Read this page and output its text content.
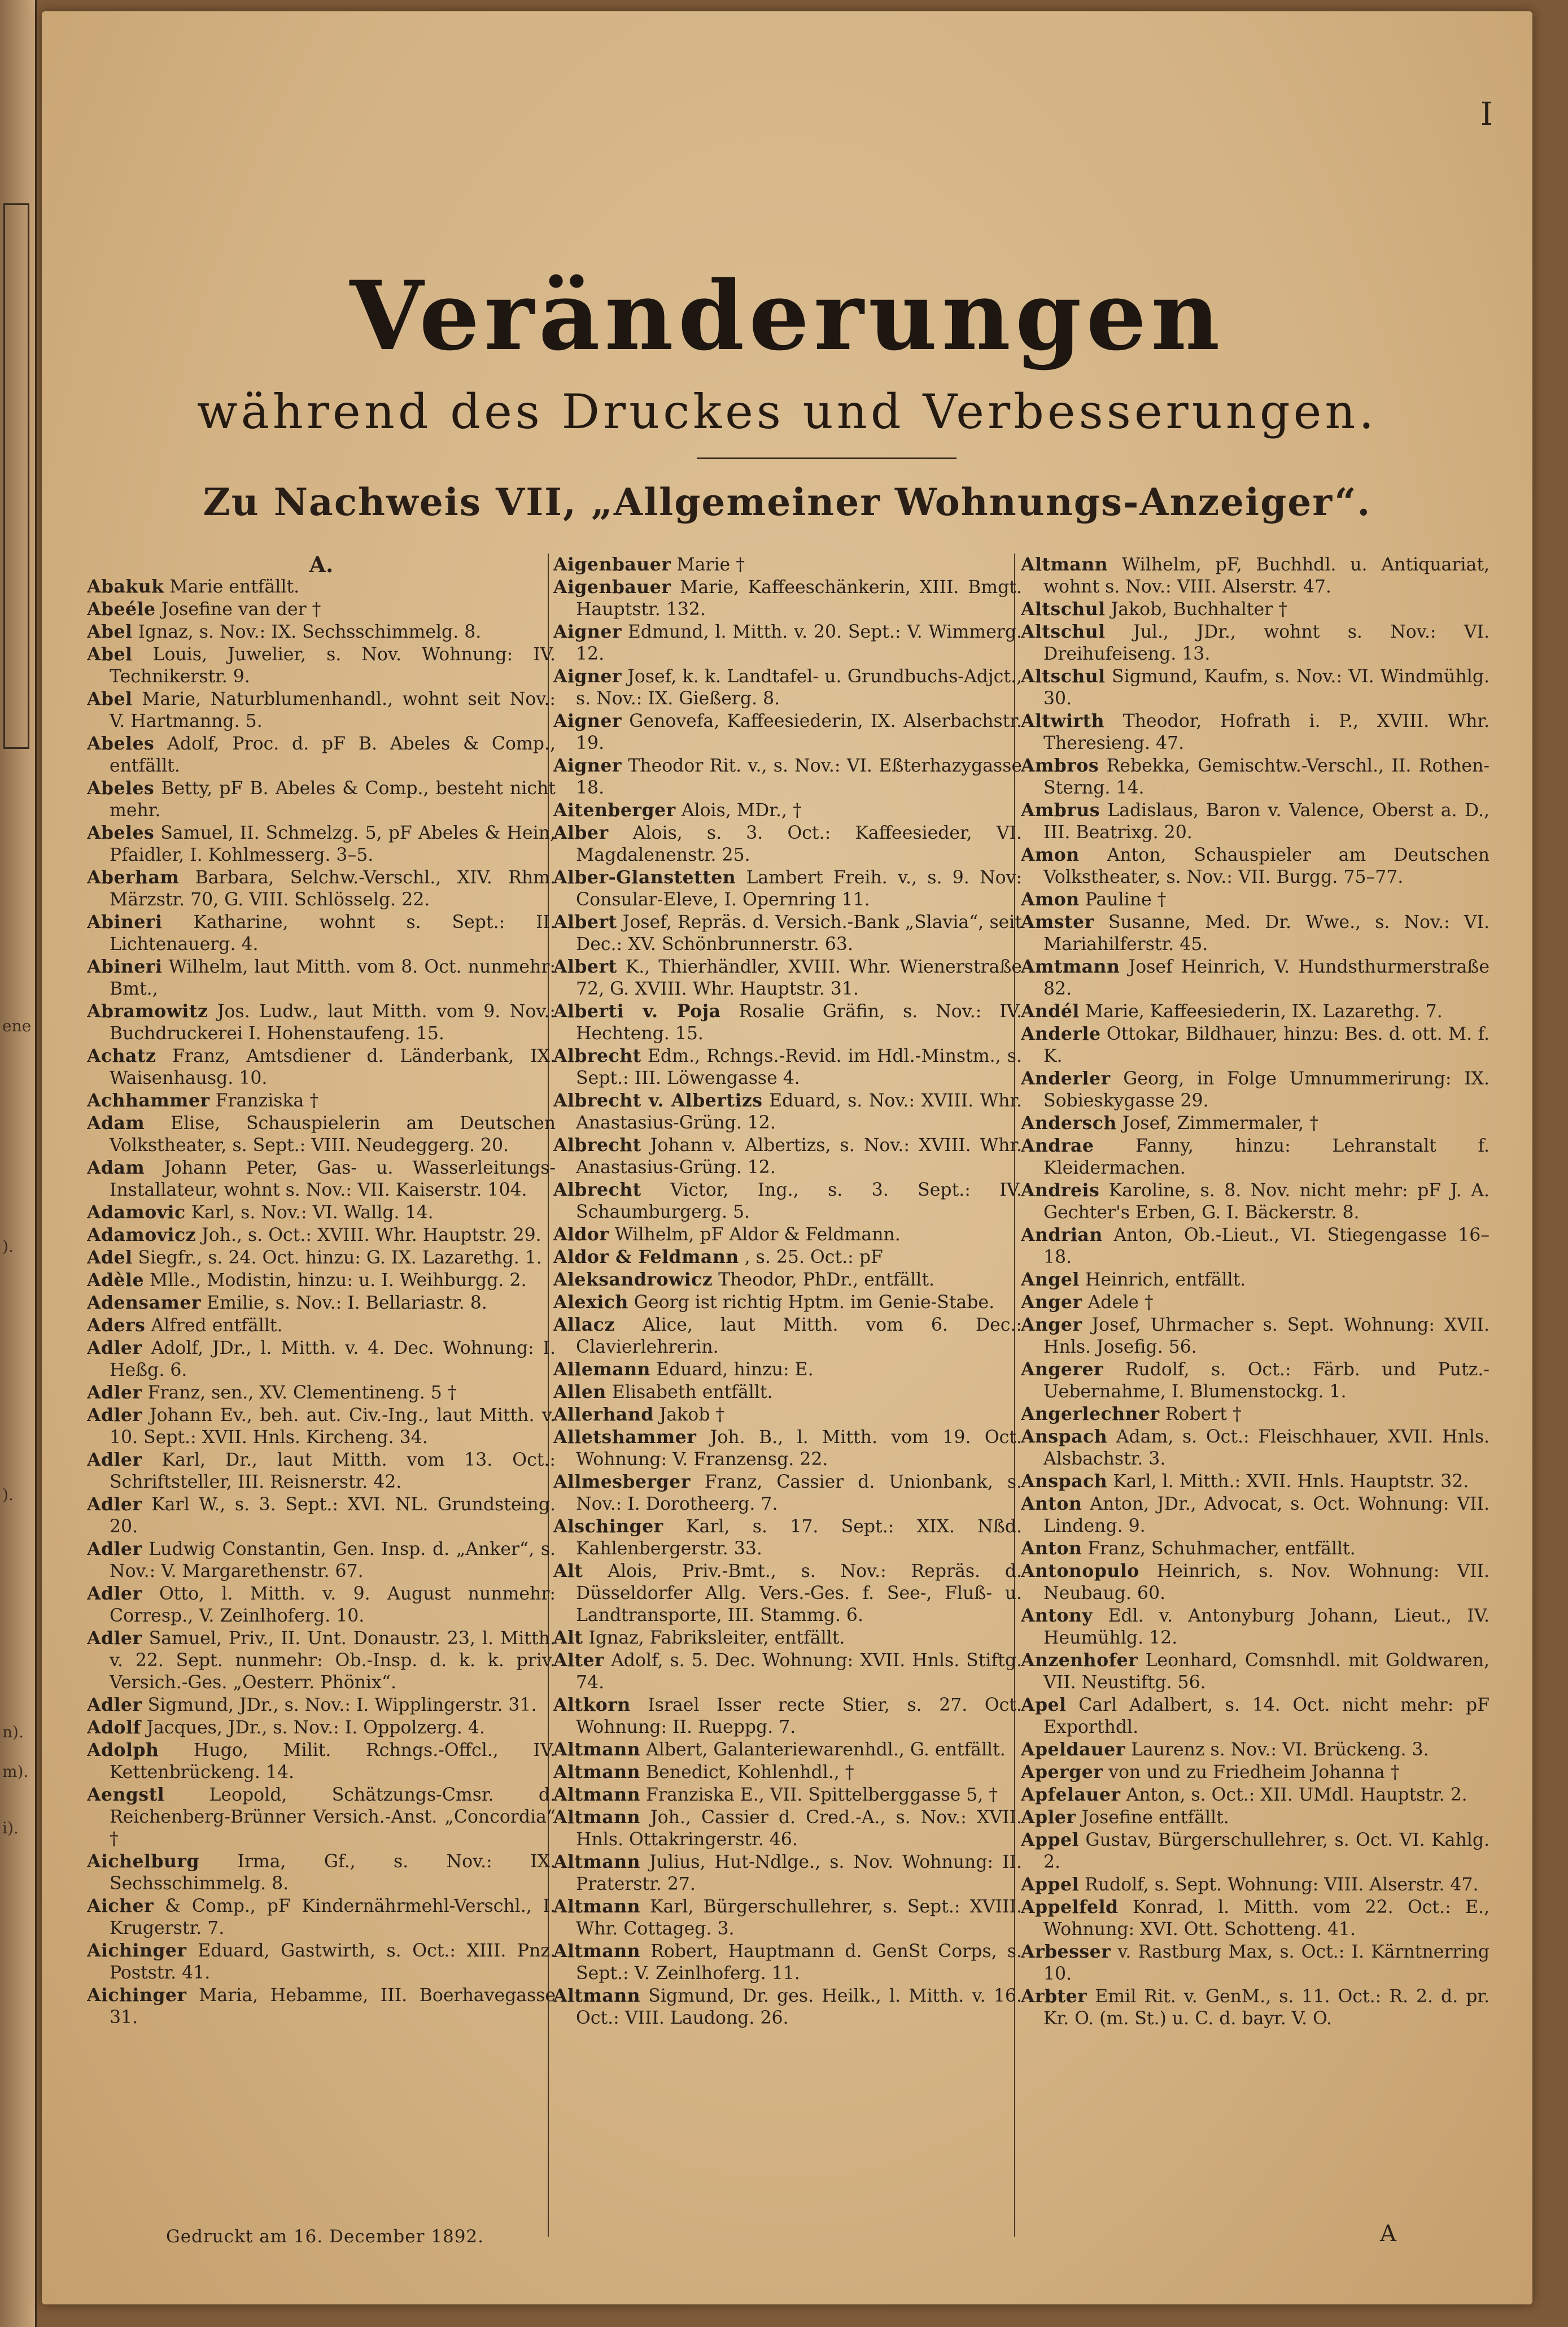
ene
).
).
n).
m).
i).
I
Veränderungen
während des Druckes und Verbesserungen.
Zu Nachweis VII, „Allgemeiner Wohnungs-Anzeiger“.

A.

Abakuk Marie entfällt.

Abeéle Josefine van der †

Abel Ignaz, s. Nov.: IX. Sechsschimmelg. 8.

Abel Louis, Juwelier, s. Nov. Wohnung: IV. Technikerstr. 9.

Abel Marie, Naturblumenhandl., wohnt seit Nov.: V. Hartmanng. 5.

Abeles Adolf, Proc. d. pF B. Abeles & Comp., entfällt.

Abeles Betty, pF B. Abeles & Comp., besteht nicht mehr.

Abeles Samuel, II. Schmelzg. 5, pF Abeles & Hein, Pfaidler, I. Kohlmesserg. 3–5.

Aberham Barbara, Selchw.-Verschl., XIV. Rhm. Märzstr. 70, G. VIII. Schlösselg. 22.

Abineri Katharine, wohnt s. Sept.: II. Lichtenauerg. 4.

Abineri Wilhelm, laut Mitth. vom 8. Oct. nunmehr: Bmt.,

Abramowitz Jos. Ludw., laut Mitth. vom 9. Nov.: Buchdruckerei I. Hohenstaufeng. 15.

Achatz Franz, Amtsdiener d. Länderbank, IX. Waisenhausg. 10.

Achhammer Franziska †

Adam Elise, Schauspielerin am Deutschen Volkstheater, s. Sept.: VIII. Neudeggerg. 20.

Adam Johann Peter, Gas- u. Wasserleitungs-Installateur, wohnt s. Nov.: VII. Kaiserstr. 104.

Adamovic Karl, s. Nov.: VI. Wallg. 14.

Adamovicz Joh., s. Oct.: XVIII. Whr. Hauptstr. 29.

Adel Siegfr., s. 24. Oct. hinzu: G. IX. Lazarethg. 1.

Adèle Mlle., Modistin, hinzu: u. I. Weihburgg. 2.

Adensamer Emilie, s. Nov.: I. Bellariastr. 8.

Aders Alfred entfällt.

Adler Adolf, JDr., l. Mitth. v. 4. Dec. Wohnung: I. Heßg. 6.

Adler Franz, sen., XV. Clementineng. 5 †

Adler Johann Ev., beh. aut. Civ.-Ing., laut Mitth. v. 10. Sept.: XVII. Hnls. Kircheng. 34.

Adler Karl, Dr., laut Mitth. vom 13. Oct.: Schriftsteller, III. Reisnerstr. 42.

Adler Karl W., s. 3. Sept.: XVI. NL. Grundsteing. 20.

Adler Ludwig Constantin, Gen. Insp. d. „Anker“, s. Nov.: V. Margarethenstr. 67.

Adler Otto, l. Mitth. v. 9. August nunmehr: Corresp., V. Zeinlhoferg. 10.

Adler Samuel, Priv., II. Unt. Donaustr. 23, l. Mitth. v. 22. Sept. nunmehr: Ob.-Insp. d. k. k. priv. Versich.-Ges. „Oesterr. Phönix“.

Adler Sigmund, JDr., s. Nov.: I. Wipplingerstr. 31.

Adolf Jacques, JDr., s. Nov.: I. Oppolzerg. 4.

Adolph Hugo, Milit. Rchngs.-Offcl., IV. Kettenbrückeng. 14.

Aengstl	Leopold, Schätzungs-Cmsr. d. Reichenberg-Brünner Versich.-Anst. „Concordia“ †

Aichelburg Irma, Gf., s. Nov.: IX. Sechsschimmelg. 8.

Aicher & Comp., pF Kindernährmehl-Verschl., I. Krugerstr. 7.

Aichinger Eduard, Gastwirth, s. Oct.: XIII. Pnz. Poststr. 41.

Aichinger Maria, Hebamme, III. Boerhavegasse 31.

Aigenbauer Marie †

Aigenbauer Marie, Kaffeeschänkerin, XIII. Bmgt. Hauptstr. 132.

Aigner Edmund, l. Mitth. v. 20. Sept.: V. Wimmerg. 12.

Aigner Josef, k. k. Landtafel- u. Grundbuchs-Adjct., s. Nov.: IX. Gießerg. 8.

Aigner Genovefa, Kaffeesiederin, IX. Alserbachstr. 19.

Aigner Theodor Rit. v., s. Nov.: VI. Eßterhazygasse 18.

Aitenberger Alois, MDr., †

Alber Alois, s. 3. Oct.: Kaffeesieder, VI. Magdalenenstr. 25.

Alber-Glanstetten Lambert Freih. v., s. 9. Nov: Consular-Eleve, I. Opernring 11.

Albert Josef, Repräs. d. Versich.-Bank „Slavia“, seit Dec.: XV. Schönbrunnerstr. 63.

Albert K., Thierhändler, XVIII. Whr. Wienerstraße 72, G. XVIII. Whr. Hauptstr. 31.

Alberti v. Poja Rosalie Gräfin, s. Nov.: IV. Hechteng. 15.

Albrecht Edm., Rchngs.-Revid. im Hdl.-Minstm., s. Sept.: III. Löwengasse 4.

Albrecht v. Albertizs Eduard, s. Nov.: XVIII. Whr. Anastasius-Grüng. 12.

Albrecht Johann v. Albertizs, s. Nov.: XVIII. Whr. Anastasius-Grüng. 12.

Albrecht Victor, Ing., s. 3. Sept.: IV. Schaumburgerg. 5.

Aldor Wilhelm, pF Aldor & Feldmann.

Aldor & Feldmann , s. 25. Oct.: pF

Aleksandrowicz Theodor, PhDr., entfällt.

Alexich Georg ist richtig Hptm. im Genie-Stabe.

Allacz Alice, laut Mitth. vom 6. Dec.: Clavierlehrerin.

Allemann Eduard, hinzu: E.

Allen Elisabeth entfällt.

Allerhand Jakob †

Alletshammer Joh. B., l. Mitth. vom 19. Oct. Wohnung: V. Franzensg. 22.

Allmesberger Franz, Cassier d. Unionbank, s. Nov.: I. Dorotheerg. 7.

Alschinger Karl, s. 17. Sept.: XIX. Nßd. Kahlenbergerstr. 33.

Alt Alois, Priv.-Bmt., s. Nov.: Repräs. d. Düsseldorfer Allg. Vers.-Ges. f. See-, Fluß- u. Landtransporte, III. Stammg. 6.

Alt Ignaz, Fabriksleiter, entfällt.

Alter Adolf, s. 5. Dec. Wohnung: XVII. Hnls. Stiftg. 74.

Altkorn Israel Isser recte Stier, s. 27. Oct. Wohnung: II. Rueppg. 7.

Altmann Albert, Galanteriewarenhdl., G. entfällt.

Altmann Benedict, Kohlenhdl., †

Altmann Franziska E., VII. Spittelberggasse 5, †

Altmann Joh., Cassier d. Cred.-A., s. Nov.: XVII. Hnls. Ottakringerstr. 46.

Altmann Julius, Hut-Ndlge., s. Nov. Wohnung: II. Praterstr. 27.

Altmann Karl, Bürgerschullehrer, s. Sept.: XVIII. Whr. Cottageg. 3.

Altmann Robert, Hauptmann d. GenSt Corps, s. Sept.: V. Zeinlhoferg. 11.

Altmann Sigmund, Dr. ges. Heilk., l. Mitth. v. 16. Oct.: VIII. Laudong. 26.

Altmann Wilhelm, pF, Buchhdl. u. Antiquariat, wohnt s. Nov.: VIII. Alserstr. 47.

Altschul Jakob, Buchhalter †

Altschul Jul., JDr., wohnt s. Nov.: VI. Dreihufeiseng. 13.

Altschul Sigmund, Kaufm, s. Nov.: VI. Windmühlg. 30.

Altwirth Theodor, Hofrath i. P., XVIII. Whr. Theresieng. 47.

Ambros Rebekka, Gemischtw.-Verschl., II. Rothen-Sterng. 14.

Ambrus Ladislaus, Baron v. Valence, Oberst a. D., III. Beatrixg. 20.

Amon Anton, Schauspieler am Deutschen Volkstheater, s. Nov.: VII. Burgg. 75–77.

Amon Pauline †

Amster Susanne, Med. Dr. Wwe., s. Nov.: VI. Mariahilferstr. 45.

Amtmann Josef Heinrich, V. Hundsthurmerstraße 82.

Andél Marie, Kaffeesiederin, IX. Lazarethg. 7.

Anderle Ottokar, Bildhauer, hinzu: Bes. d. ott. M. f. K.

Anderler Georg, in Folge Umnummerirung: IX. Sobieskygasse 29.

Andersch Josef, Zimmermaler, †

Andrae Fanny, hinzu: Lehranstalt f. Kleidermachen.

Andreis Karoline, s. 8. Nov. nicht mehr: pF J. A. Gechter's Erben, G. I. Bäckerstr. 8.

Andrian Anton, Ob.-Lieut., VI. Stiegengasse 16–18.

Angel Heinrich, entfällt.

Anger Adele †

Anger Josef, Uhrmacher s. Sept. Wohnung: XVII. Hnls. Josefig. 56.

Angerer Rudolf, s. Oct.: Färb. und Putz.-Uebernahme, I. Blumenstockg. 1.

Angerlechner Robert †

Anspach Adam, s. Oct.: Fleischhauer, XVII. Hnls. Alsbachstr. 3.

Anspach Karl, l. Mitth.: XVII. Hnls. Hauptstr. 32.

Anton Anton, JDr., Advocat, s. Oct. Wohnung: VII. Lindeng. 9.

Anton Franz, Schuhmacher, entfällt.

Antonopulo Heinrich, s. Nov. Wohnung: VII. Neubaug. 60.

Antony Edl. v. Antonyburg Johann, Lieut., IV. Heumühlg. 12.

Anzenhofer Leonhard, Comsnhdl. mit Goldwaren, VII. Neustiftg. 56.

Apel Carl Adalbert, s. 14. Oct. nicht mehr: pF Exporthdl.

Apeldauer Laurenz s. Nov.: VI. Brückeng. 3.

Aperger von und zu Friedheim Johanna †

Apfelauer Anton, s. Oct.: XII. UMdl. Hauptstr. 2.

Apler Josefine entfällt.

Appel Gustav, Bürgerschullehrer, s. Oct. VI. Kahlg. 2.

Appel Rudolf, s. Sept. Wohnung: VIII. Alserstr. 47.

Appelfeld Konrad, l. Mitth. vom 22. Oct.: E., Wohnung: XVI. Ott. Schotteng. 41.

Arbesser v. Rastburg Max, s. Oct.: I. Kärntnerring 10.

Arbter Emil Rit. v. GenM., s. 11. Oct.: R. 2. d. pr. Kr. O. (m. St.) u. C. d. bayr. V. O.

Gedruckt am 16. December 1892.	A
